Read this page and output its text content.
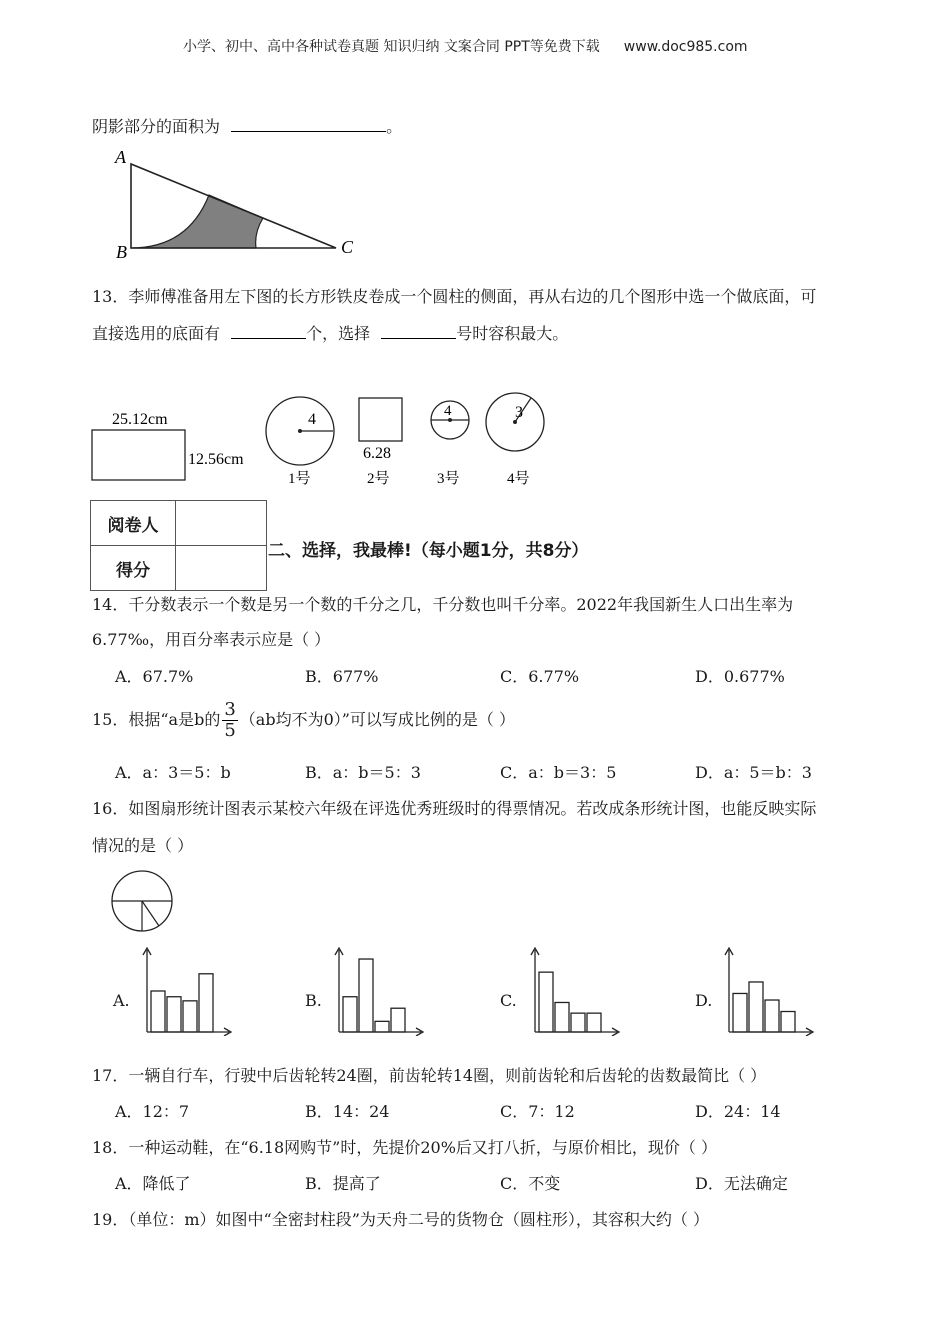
小学、初中、高中各种试卷真题 知识归纳 文案合同 PPT等免费下载 www.doc985.com
阴影部分的面积为	。
A
B	C
13．李师傅准备用左下图的长方形铁皮卷成一个圆柱的侧面，再从右边的几个图形中选一个做底面，可
直接选用的底面有	个，选择	号时容积最大。
25.12cm
12.56cm
4
1号
6.28
2号
4
3号
3
4号
阅卷人	
得分	
二、选择，我最棒!（每小题1分，共8分）
14．千分数表示一个数是另一个数的千分之几，千分数也叫千分率。2022年我国新生人口出生率为
6.77‰，用百分率表示应是（ ）
A．67.7%	B．677%	C．6.77%	D．0.677%
15．根据“a是b的 $\frac{3}{5} (ab$均不为0）”可以写成比例的是（ ）
A．a：3＝5：b	B．a：b＝5：3	C．a：b＝3：5	D．a：5＝b：3
16．如图扇形统计图表示某校六年级在评选优秀班级时的得票情况。若改成条形统计图，也能反映实际
情况的是（ ）
A.	B.	C.	D.
17．一辆自行车，行驶中后齿轮转24圈，前齿轮转14圈，则前齿轮和后齿轮的齿数最简比（ ）
A．12：7	B．14：24	C．7：12	D．24：14
18．一种运动鞋，在“6.18网购节”时，先提价20%后又打八折，与原价相比，现价（ ）
A．降低了	B．提高了	C．不变	D．无法确定
19．（单位：m）如图中“全密封柱段”为天舟二号的货物仓（圆柱形），其容积大约（ ）
